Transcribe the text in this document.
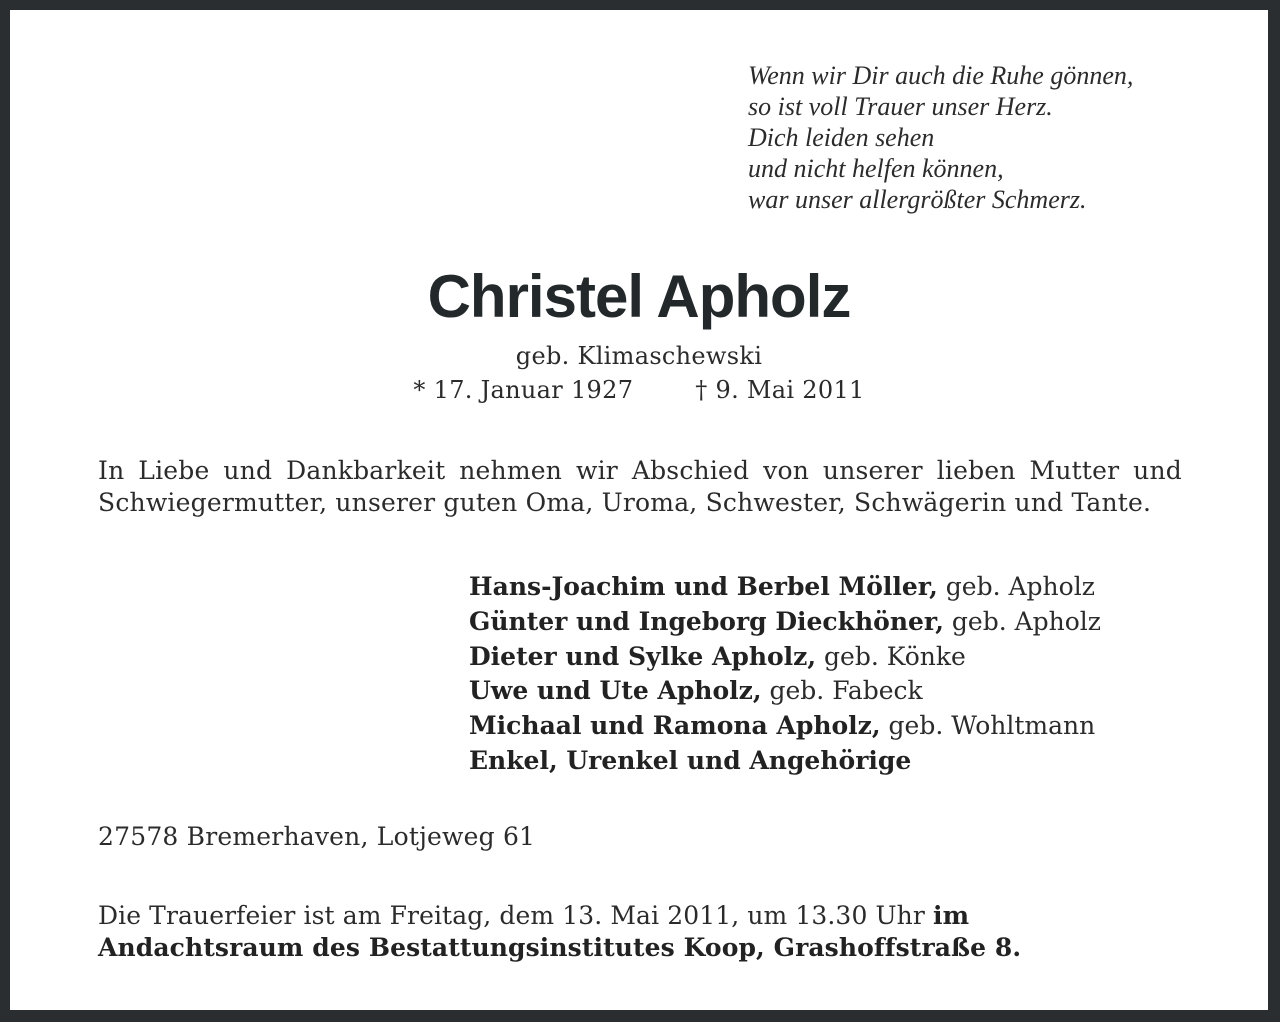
Wenn wir Dir auch die Ruhe gönnen,
so ist voll Trauer unser Herz.
Dich leiden sehen
und nicht helfen können,
war unser allergrößter Schmerz.
Christel Apholz
geb. Klimaschewski
* 17. Januar 1927	† 9. Mai 2011
In Liebe und Dankbarkeit nehmen wir Abschied von unserer lieben Mutter und Schwiegermutter, unserer guten Oma, Uroma, Schwester, Schwägerin und Tante.
Hans-Joachim und Berbel Möller, geb. Apholz
Günter und Ingeborg Dieckhöner, geb. Apholz
Dieter und Sylke Apholz, geb. Könke
Uwe und Ute Apholz, geb. Fabeck
Michaal und Ramona Apholz, geb. Wohltmann
Enkel, Urenkel und Angehörige
27578 Bremerhaven, Lotjeweg 61
Die Trauerfeier ist am Freitag, dem 13. Mai 2011, um 13.30 Uhr im Andachtsraum des Bestattungsinstitutes Koop, Grashoffstraße 8.
